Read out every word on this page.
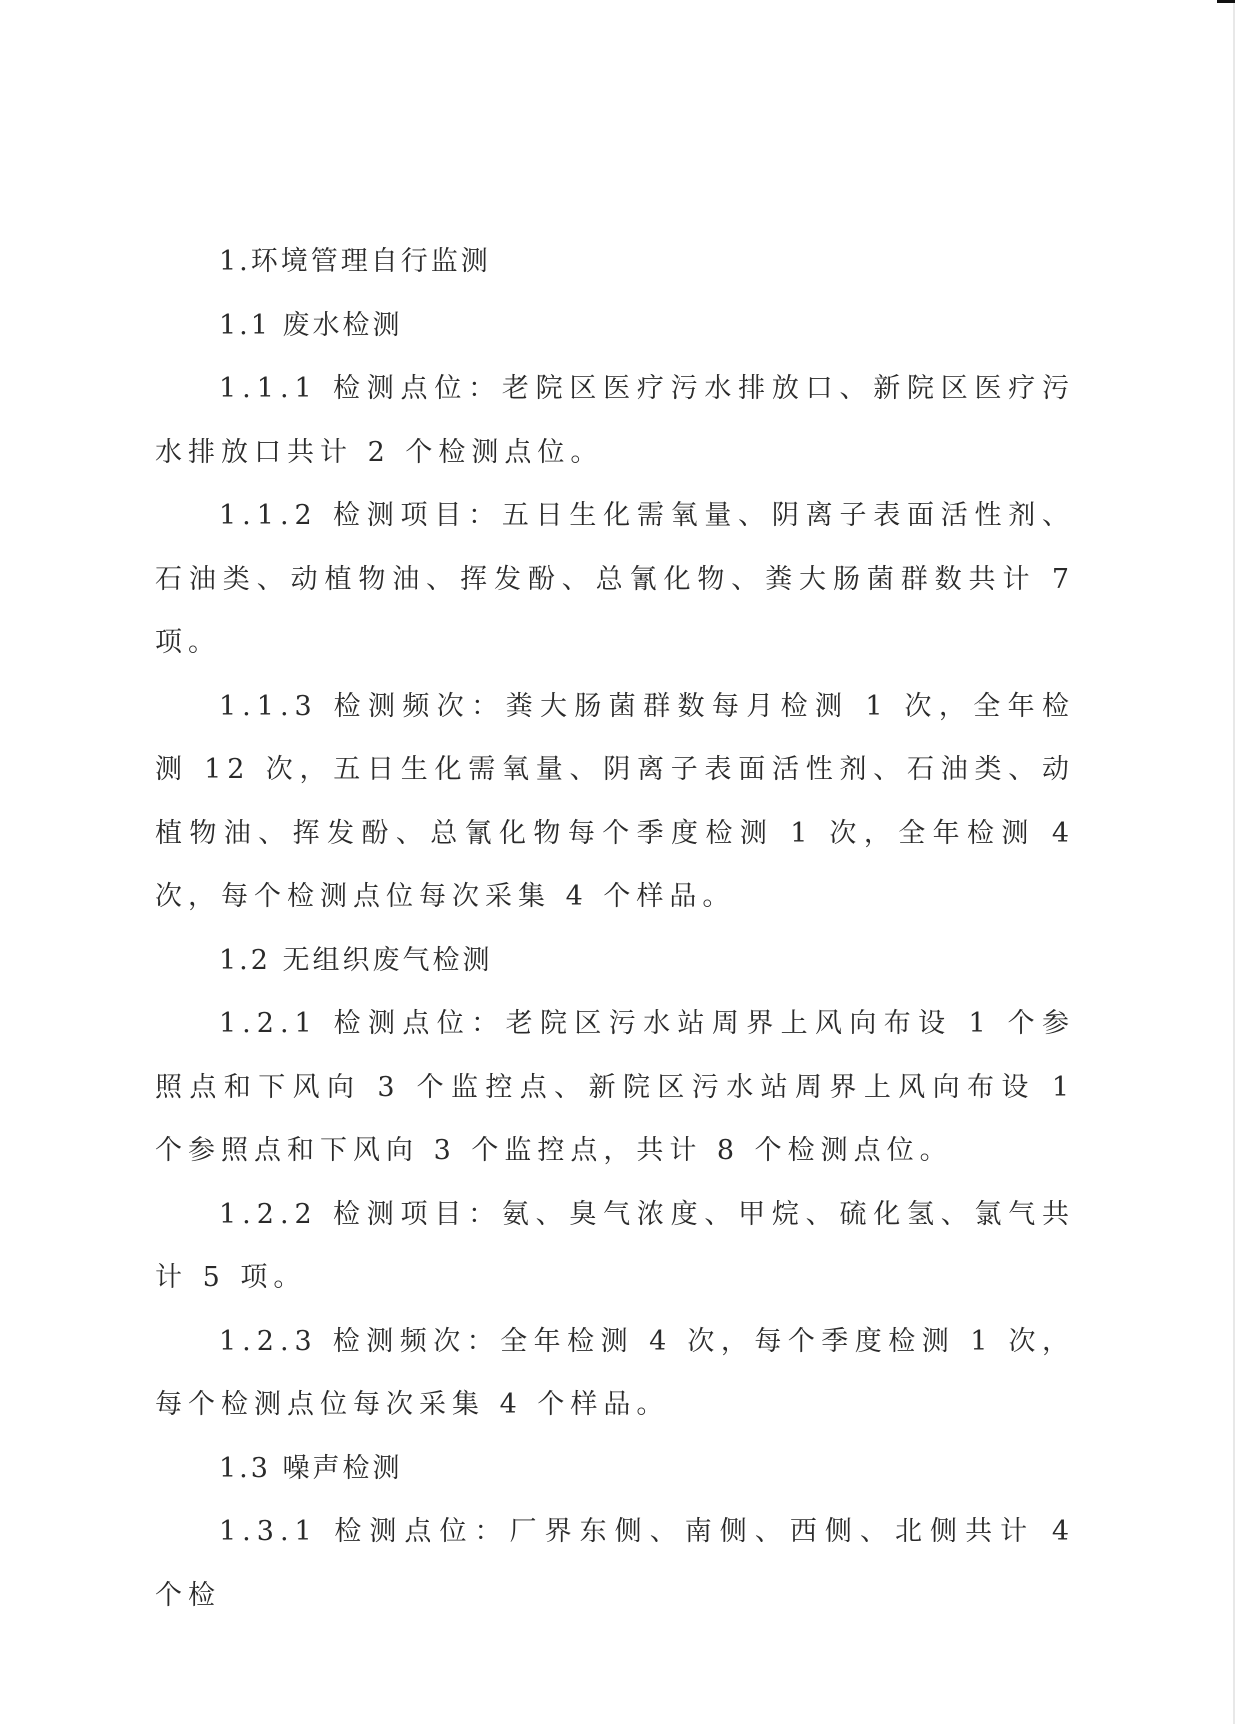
1.环境管理自行监测

1.1 废水检测

1.1.1 检测点位：老院区医疗污水排放口、新院区医疗污水排放口共计 2 个检测点位。

1.1.2 检测项目：五日生化需氧量、阴离子表面活性剂、石油类、动植物油、挥发酚、总氰化物、粪大肠菌群数共计 7 项。

1.1.3 检测频次：粪大肠菌群数每月检测 1 次，全年检测 12 次，五日生化需氧量、阴离子表面活性剂、石油类、动植物油、挥发酚、总氰化物每个季度检测 1 次，全年检测 4 次，每个检测点位每次采集 4 个样品。

1.2 无组织废气检测

1.2.1 检测点位：老院区污水站周界上风向布设 1 个参照点和下风向 3 个监控点、新院区污水站周界上风向布设 1 个参照点和下风向 3 个监控点，共计 8 个检测点位。

1.2.2 检测项目：氨、臭气浓度、甲烷、硫化氢、氯气共计 5 项。

1.2.3 检测频次：全年检测 4 次，每个季度检测 1 次，每个检测点位每次采集 4 个样品。

1.3 噪声检测

1.3.1 检测点位：厂界东侧、南侧、西侧、北侧共计 4 个检
